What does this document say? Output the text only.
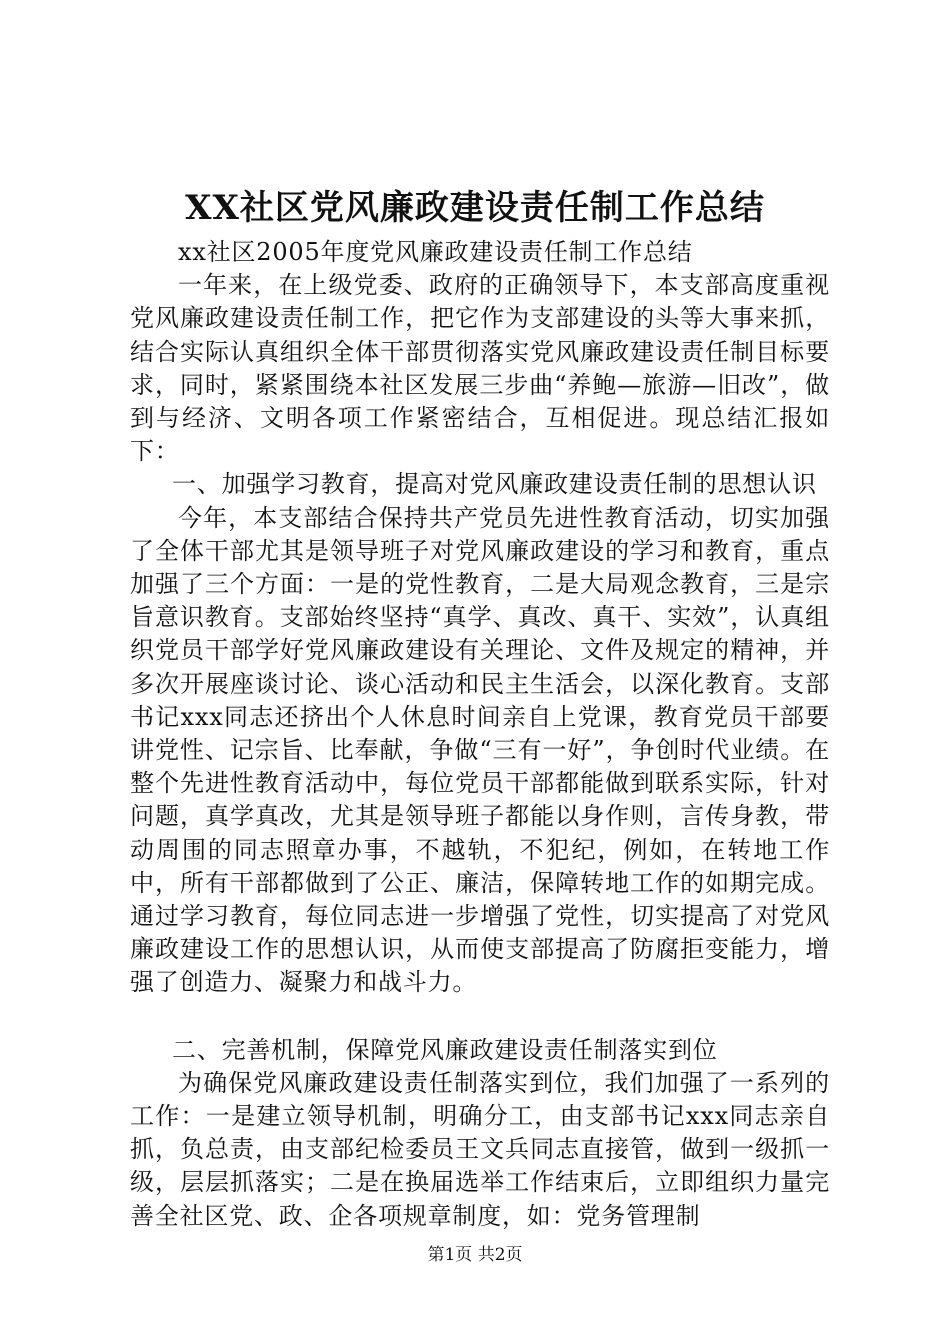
XX社区党风廉政建设责任制工作总结

xx社区2005年度党风廉政建设责任制工作总结

一年来，在上级党委、政府的正确领导下，本支部高度重视党风廉政建设责任制工作，把它作为支部建设的头等大事来抓，结合实际认真组织全体干部贯彻落实党风廉政建设责任制目标要求，同时，紧紧围绕本社区发展三步曲“养鲍—旅游—旧改”，做到与经济、文明各项工作紧密结合，互相促进。现总结汇报如下：

一、加强学习教育，提高对党风廉政建设责任制的思想认识

今年，本支部结合保持共产党员先进性教育活动，切实加强了全体干部尤其是领导班子对党风廉政建设的学习和教育，重点加强了三个方面：一是的党性教育，二是大局观念教育，三是宗旨意识教育。支部始终坚持“真学、真改、真干、实效”，认真组织党员干部学好党风廉政建设有关理论、文件及规定的精神，并多次开展座谈讨论、谈心活动和民主生活会，以深化教育。支部书记xxx同志还挤出个人休息时间亲自上党课，教育党员干部要讲党性、记宗旨、比奉献，争做“三有一好”，争创时代业绩。在整个先进性教育活动中，每位党员干部都能做到联系实际，针对问题，真学真改，尤其是领导班子都能以身作则，言传身教，带动周围的同志照章办事，不越轨，不犯纪，例如，在转地工作中，所有干部都做到了公正、廉洁，保障转地工作的如期完成。通过学习教育，每位同志进一步增强了党性，切实提高了对党风廉政建设工作的思想认识，从而使支部提高了防腐拒变能力，增强了创造力、凝聚力和战斗力。

二、完善机制，保障党风廉政建设责任制落实到位

为确保党风廉政建设责任制落实到位，我们加强了一系列的工作：一是建立领导机制，明确分工，由支部书记xxx同志亲自抓，负总责，由支部纪检委员王文兵同志直接管，做到一级抓一级，层层抓落实；二是在换届选举工作结束后，立即组织力量完善全社区党、政、企各项规章制度，如：党务管理制

第1页 共2页
